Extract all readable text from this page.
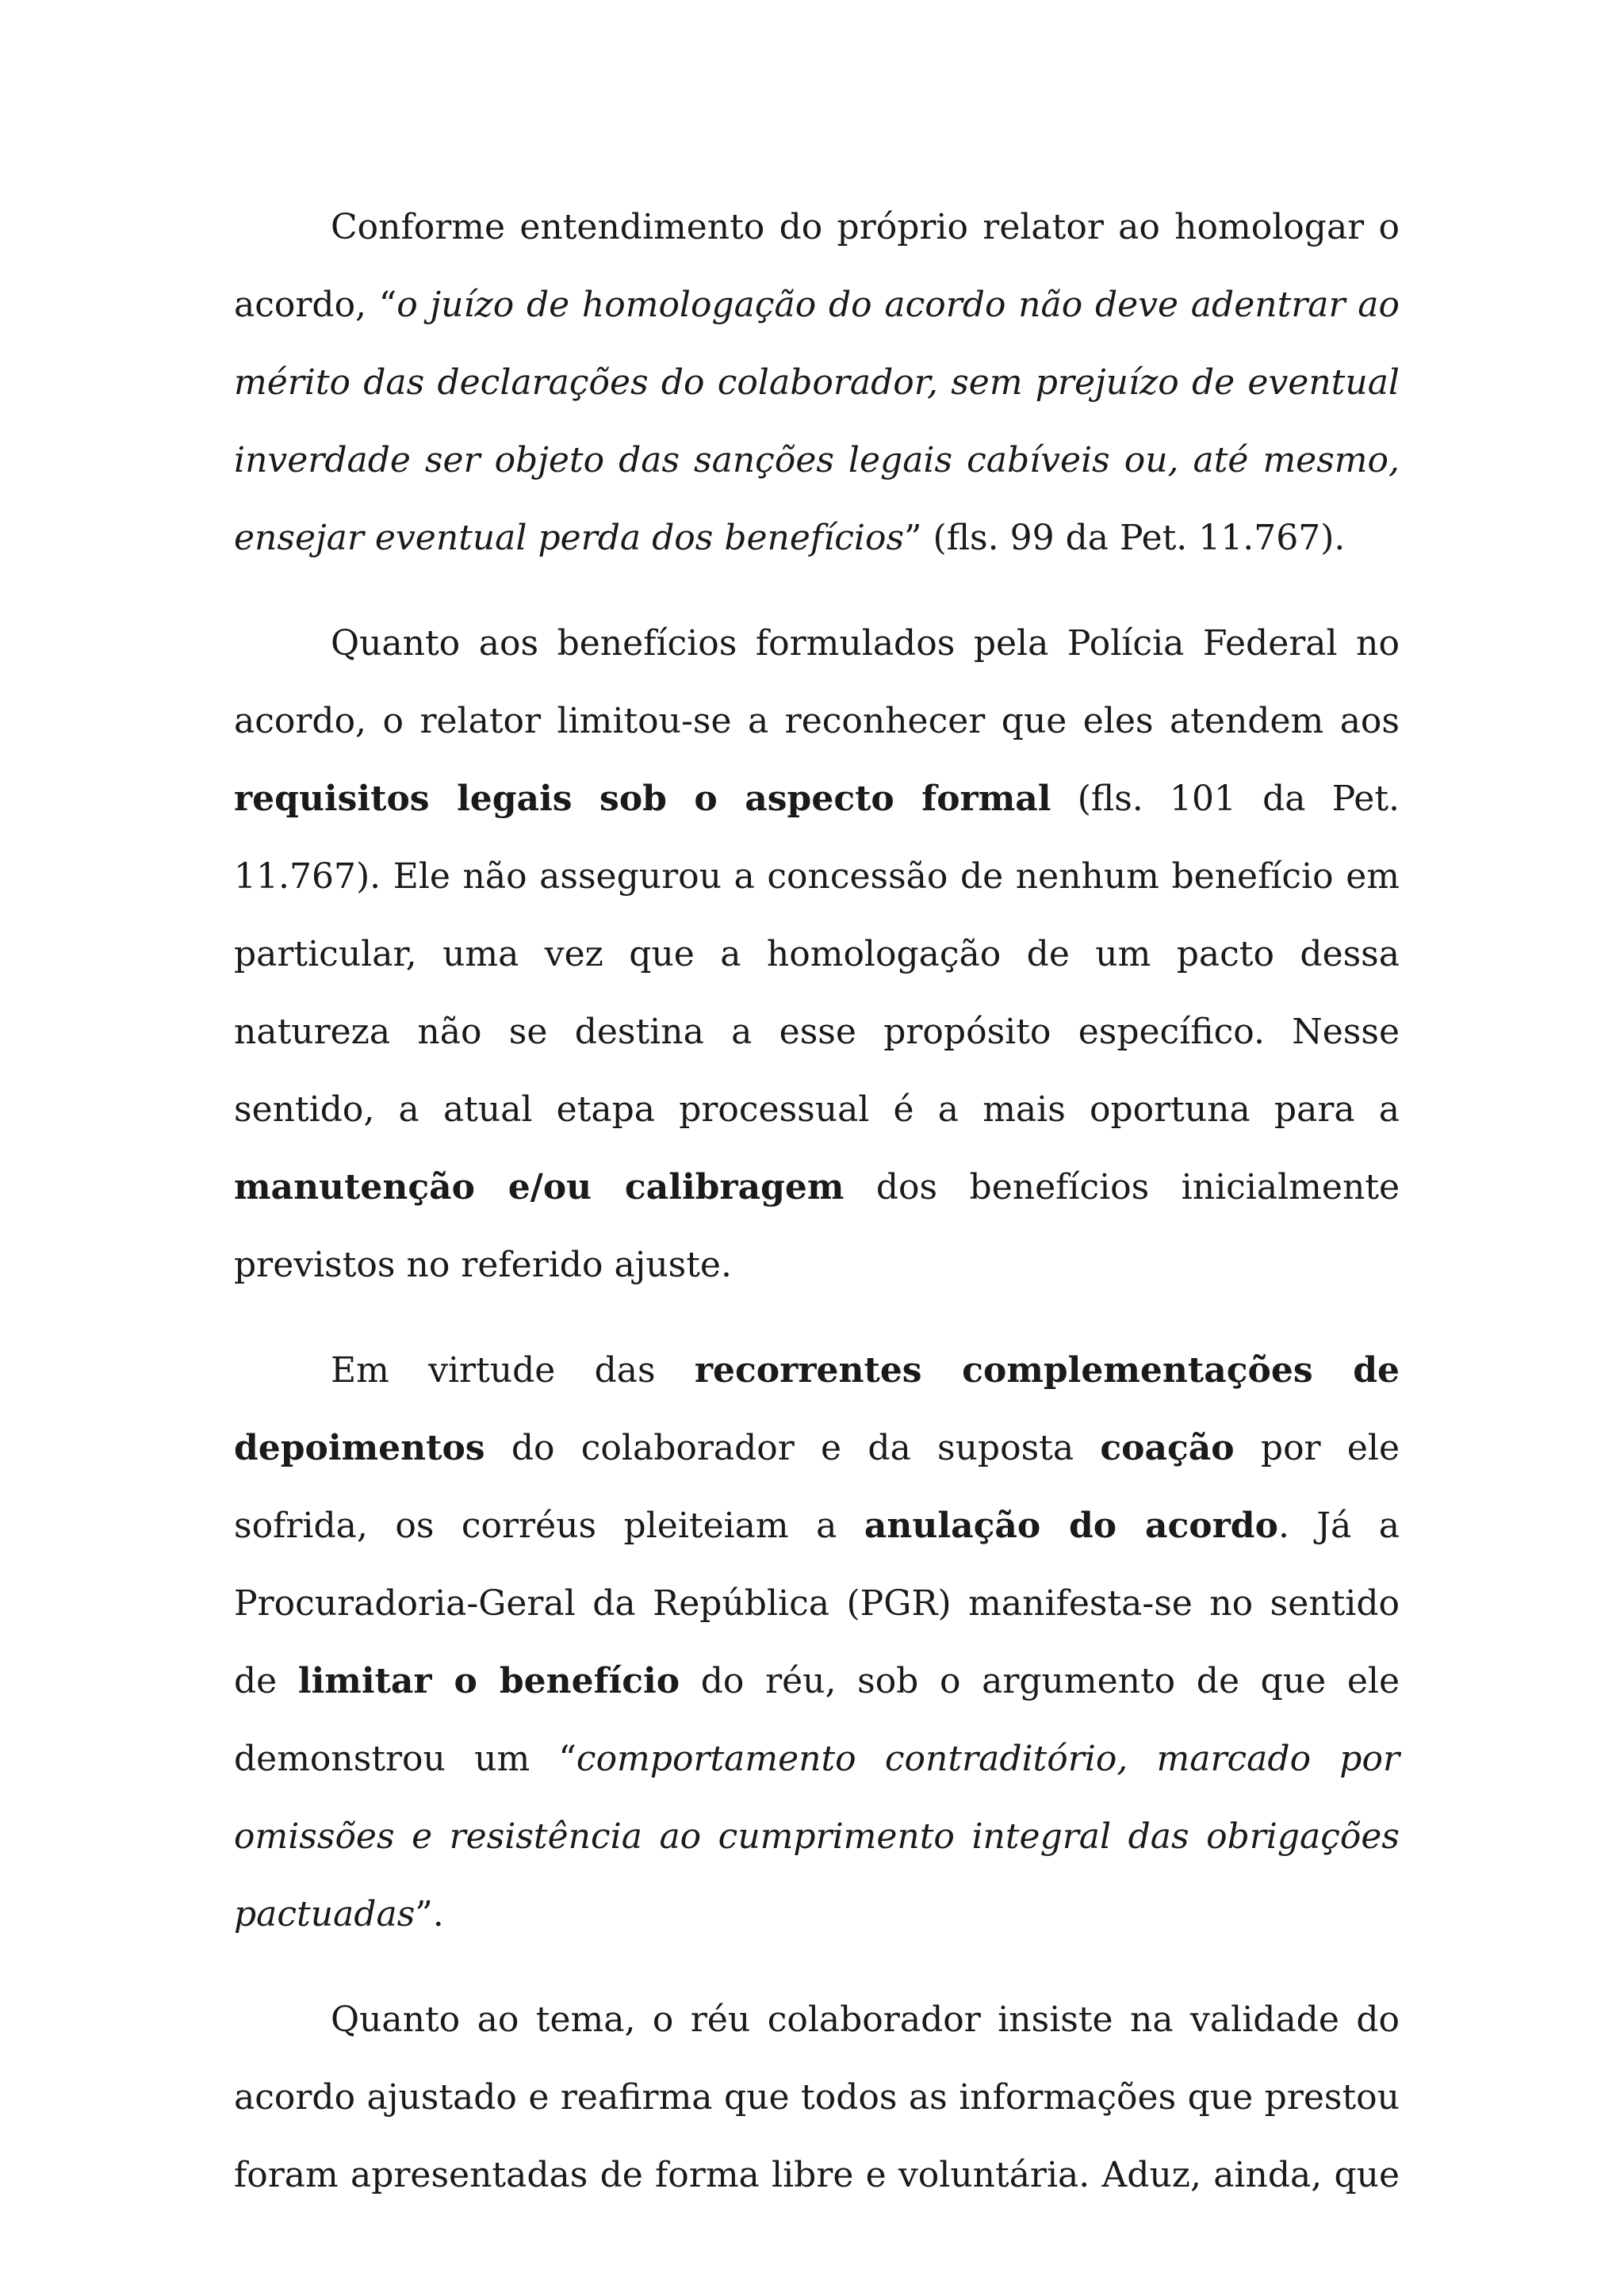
Conforme entendimento do próprio relator ao homologar o acordo, “o juízo de homologação do acordo não deve adentrar ao mérito das declarações do colaborador, sem prejuízo de eventual inverdade ser objeto das sanções legais cabíveis ou, até mesmo, ensejar eventual perda dos benefícios” (fls. 99 da Pet. 11.767).

Quanto aos benefícios formulados pela Polícia Federal no acordo, o relator limitou-se a reconhecer que eles atendem aos requisitos legais sob o aspecto formal (fls. 101 da Pet. 11.767). Ele não assegurou a concessão de nenhum benefício em particular, uma vez que a homologação de um pacto dessa natureza não se destina a esse propósito específico. Nesse sentido, a atual etapa processual é a mais oportuna para a manutenção e/ou calibragem dos benefícios inicialmente previstos no referido ajuste.

Em virtude das recorrentes complementações de depoimentos do colaborador e da suposta coação por ele sofrida, os corréus pleiteiam a anulação do acordo. Já a Procuradoria-Geral da República (PGR) manifesta-se no sentido de limitar o benefício do réu, sob o argumento de que ele demonstrou um “comportamento contraditório, marcado por omissões e resistência ao cumprimento integral das obrigações pactuadas”.

Quanto ao tema, o réu colaborador insiste na validade do acordo ajustado e reafirma que todos as informações que prestou foram apresentadas de forma libre e voluntária. Aduz, ainda, que
